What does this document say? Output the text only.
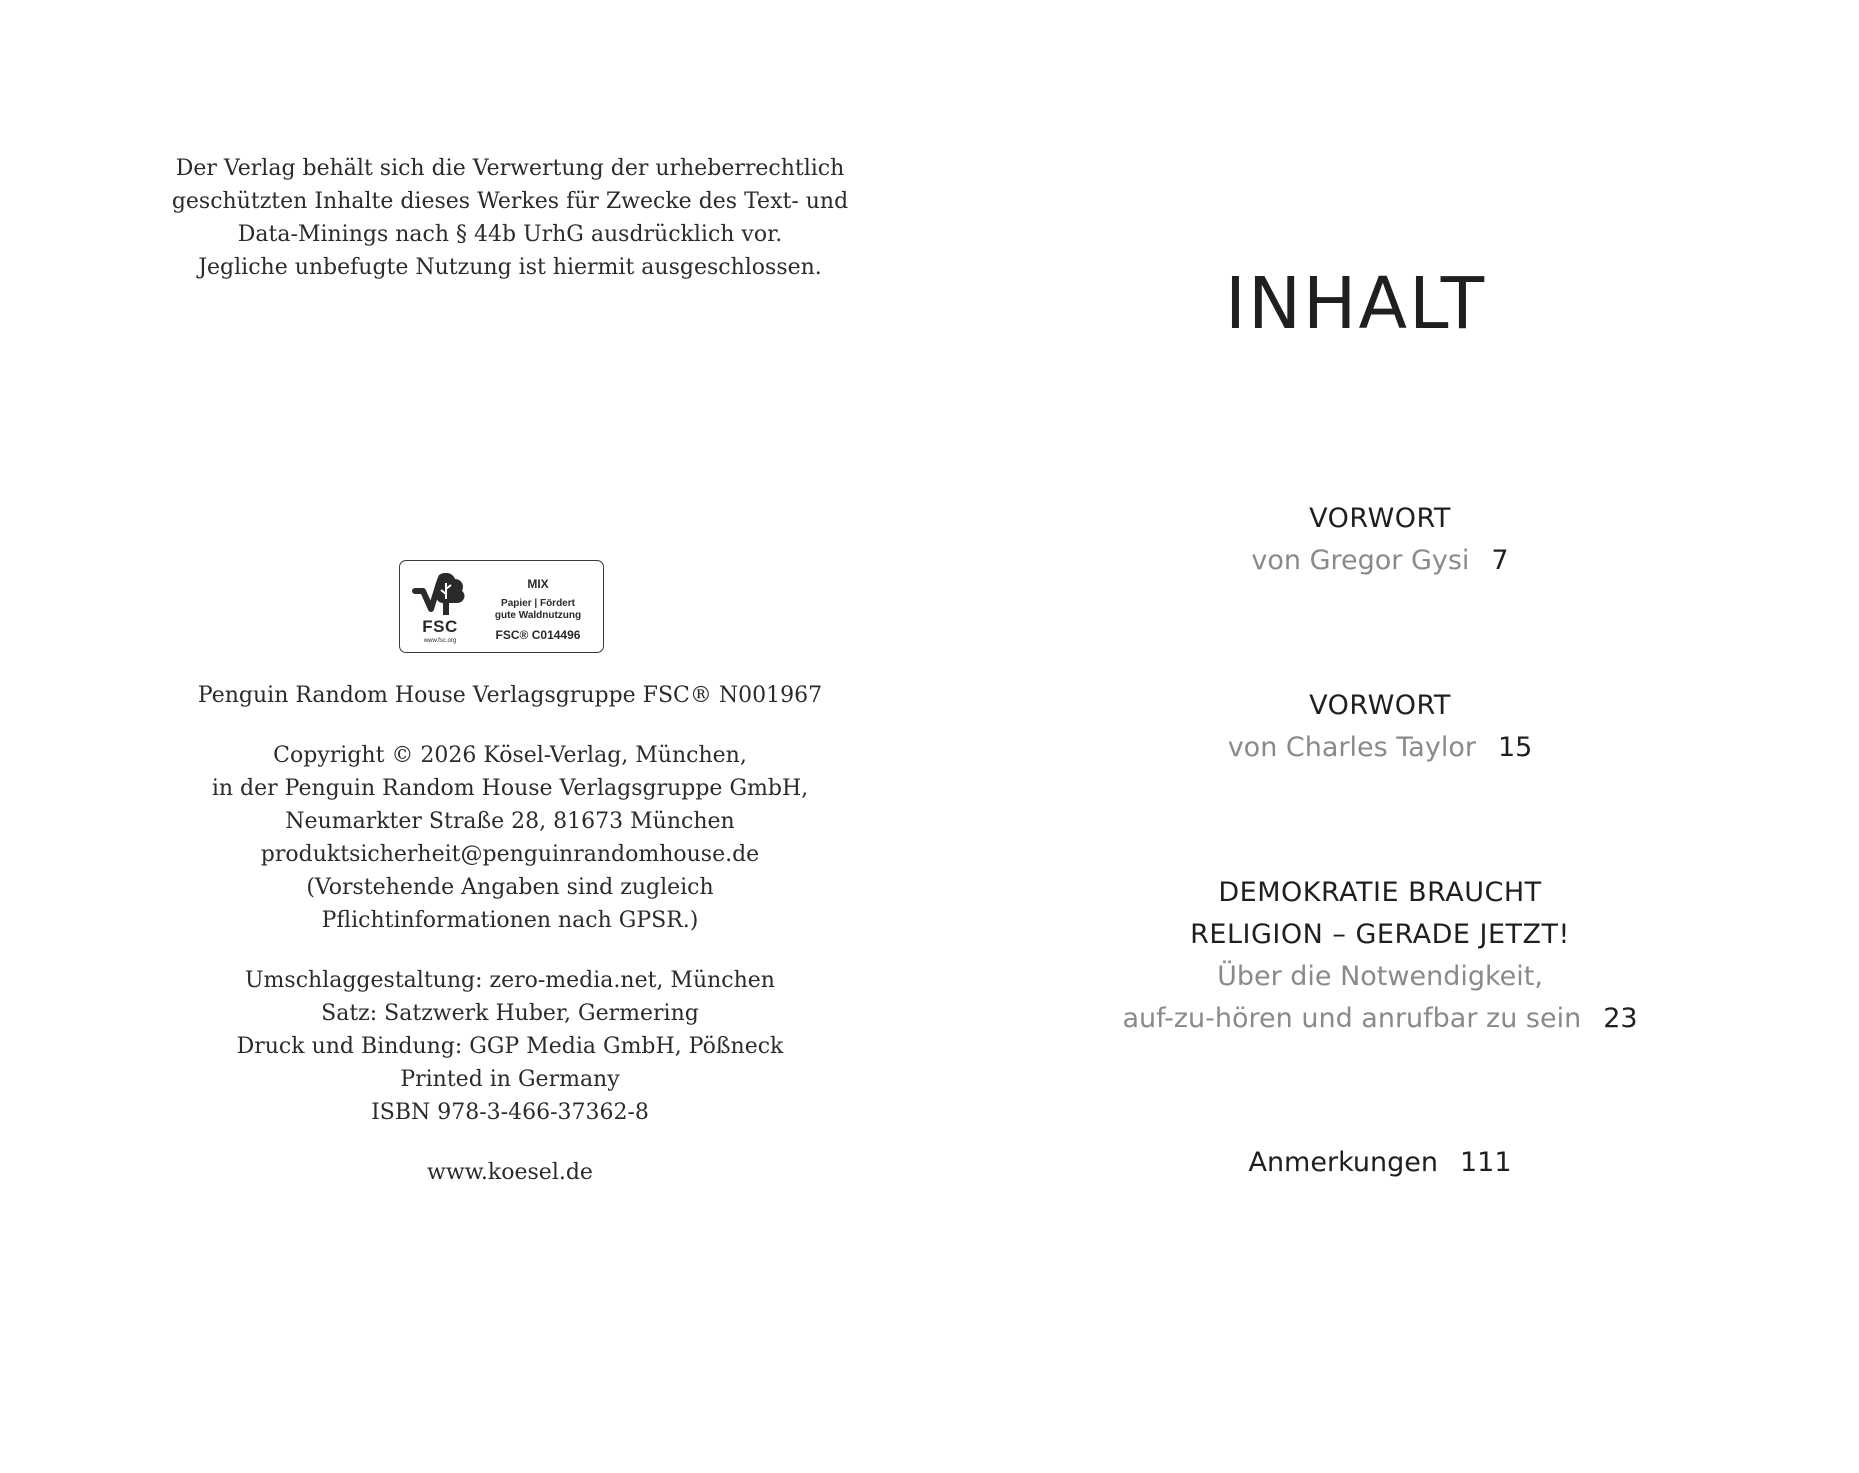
Der Verlag behält sich die Verwertung der urheberrechtlich
geschützten Inhalte dieses Werkes für Zwecke des Text- und
Data-Minings nach § 44b UrhG ausdrücklich vor.
Jegliche unbefugte Nutzung ist hiermit ausgeschlossen.
FSC
www.fsc.org
MIX
Papier | Fördert
gute Waldnutzung
FSC® C014496
Penguin Random House Verlagsgruppe FSC® N001967
Copyright © 2026 Kösel-Verlag, München,
in der Penguin Random House Verlagsgruppe GmbH,
Neumarkter Straße 28, 81673 München
produktsicherheit@penguinrandomhouse.de
(Vorstehende Angaben sind zugleich
Pflichtinformationen nach GPSR.)
Umschlaggestaltung: zero-media.net, München
Satz: Satzwerk Huber, Germering
Druck und Bindung: GGP Media GmbH, Pößneck
Printed in Germany
ISBN 978-3-466-37362-8
www.koesel.de
INHALT
VORWORT
von Gregor Gysi 7
VORWORT
von Charles Taylor 15
DEMOKRATIE BRAUCHT
RELIGION – GERADE JETZT!
Über die Notwendigkeit,
auf-zu-hören und anrufbar zu sein 23
Anmerkungen 111
